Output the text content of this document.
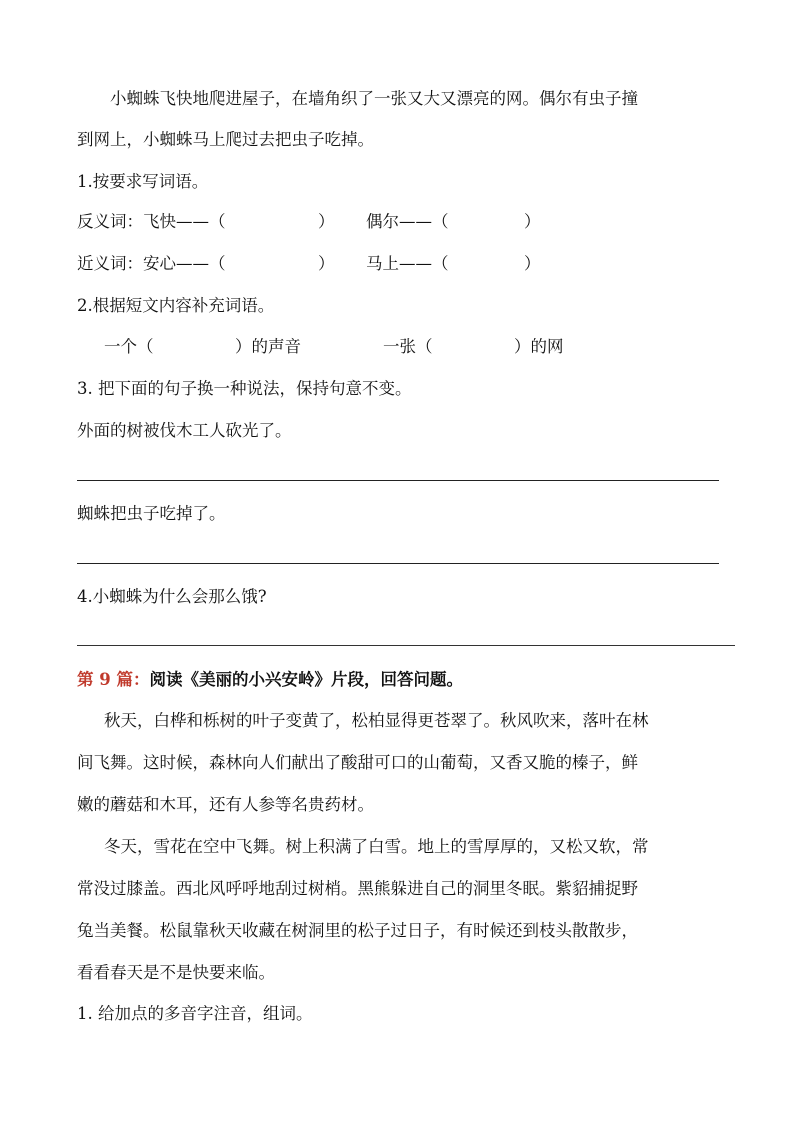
小蜘蛛飞快地爬进屋子，在墙角织了一张又大又漂亮的网。偶尔有虫子撞
到网上，小蜘蛛马上爬过去把虫子吃掉。
1.按要求写词语。
反义词：飞快——（	） 偶尔——（	）
近义词：安心——（	） 马上——（	）
2.根据短文内容补充词语。
一个（	）的声音	一张（	）的网
3. 把下面的句子换一种说法，保持句意不变。
外面的树被伐木工人砍光了。
蜘蛛把虫子吃掉了。
4.小蜘蛛为什么会那么饿?
第 9 篇：阅读《美丽的小兴安岭》片段，回答问题。
秋天，白桦和栎树的叶子变黄了，松柏显得更苍翠了。秋风吹来，落叶在林
间飞舞。这时候，森林向人们献出了酸甜可口的山葡萄，又香又脆的榛子，鲜
嫩的蘑菇和木耳，还有人参等名贵药材。
冬天，雪花在空中飞舞。树上积满了白雪。地上的雪厚厚的，又松又软，常
常没过膝盖。西北风呼呼地刮过树梢。黑熊躲进自己的洞里冬眠。紫貂捕捉野
兔当美餐。松鼠靠秋天收藏在树洞里的松子过日子，有时候还到枝头散散步，
看看春天是不是快要来临。
1. 给加点的多音字注音，组词。
